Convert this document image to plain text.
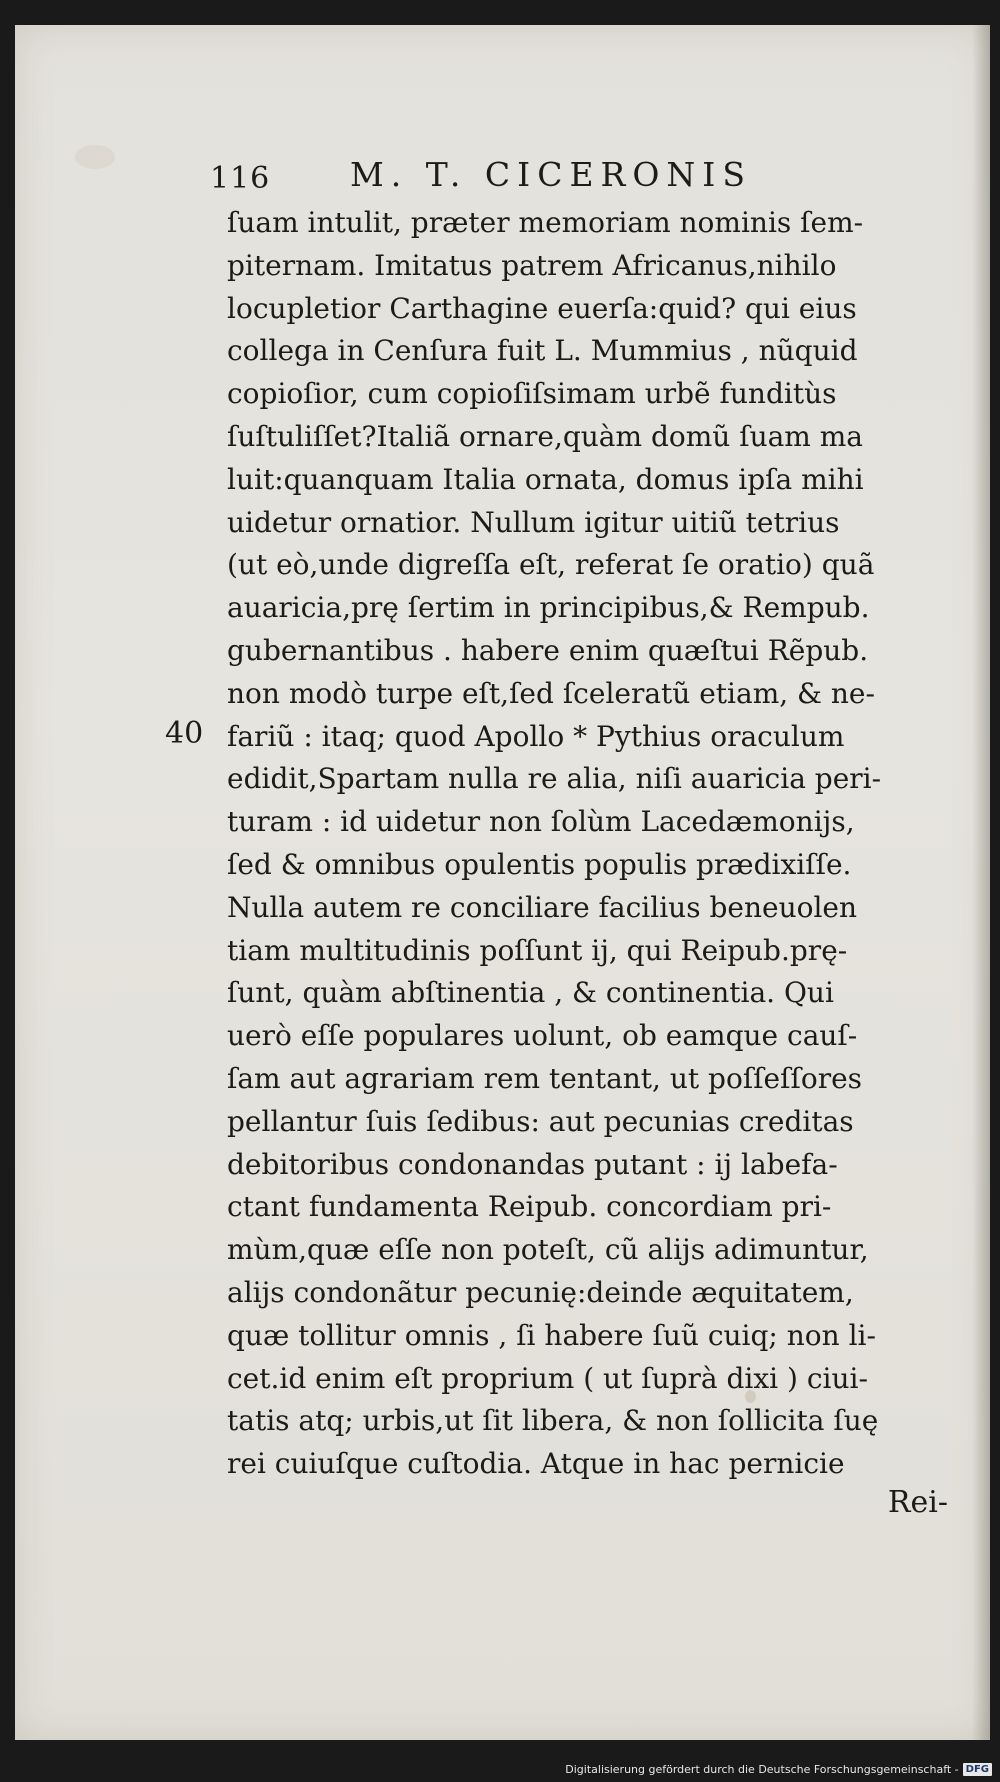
116 M. T. CICERONIS
40
ſuam intulit, præter memoriam nominis ſem-
piternam. Imitatus patrem Africanus,nihilo
locupletior Carthagine euerſa:quid? qui eius
collega in Cenſura fuit L. Mummius , nũquid
copioſior, cum copioſiſsimam urbẽ funditùs
ſuſtuliſſet?Italiã ornare,quàm domũ ſuam ma
luit:quanquam Italia ornata, domus ipſa mihi
uidetur ornatior. Nullum igitur uitiũ tetrius
(ut eò,unde digreſſa eſt, referat ſe oratio) quã
auaricia,prę ſertim in principibus,& Rempub.
gubernantibus . habere enim quæſtui Rẽpub.
non modò turpe eſt,ſed ſceleratũ etiam, & ne-
fariũ : itaq; quod Apollo * Pythius oraculum
edidit,Spartam nulla re alia, niſi auaricia peri-
turam : id uidetur non ſolùm Lacedæmonijs,
ſed & omnibus opulentis populis prædixiſſe.
Nulla autem re conciliare facilius beneuolen
tiam multitudinis poſſunt ij, qui Reipub.prę-
ſunt, quàm abſtinentia , & continentia. Qui
uerò eſſe populares uolunt, ob eamque cauſ-
ſam aut agrariam rem tentant, ut poſſeſſores
pellantur ſuis ſedibus: aut pecunias creditas
debitoribus condonandas putant : ij labefa-
ctant fundamenta Reipub. concordiam pri-
mùm,quæ eſſe non poteſt, cũ alijs adimuntur,
alijs condonãtur pecunię:deinde æquitatem,
quæ tollitur omnis , ſi habere ſuũ cuiq; non li-
cet.id enim eſt proprium ( ut ſuprà dixi ) ciui-
tatis atq; urbis,ut ſit libera, & non ſollicita ſuę
rei cuiuſque cuſtodia. Atque in hac pernicie
Rei-
Digitalisierung gefördert durch die Deutsche Forschungsgemeinschaft - DFG
